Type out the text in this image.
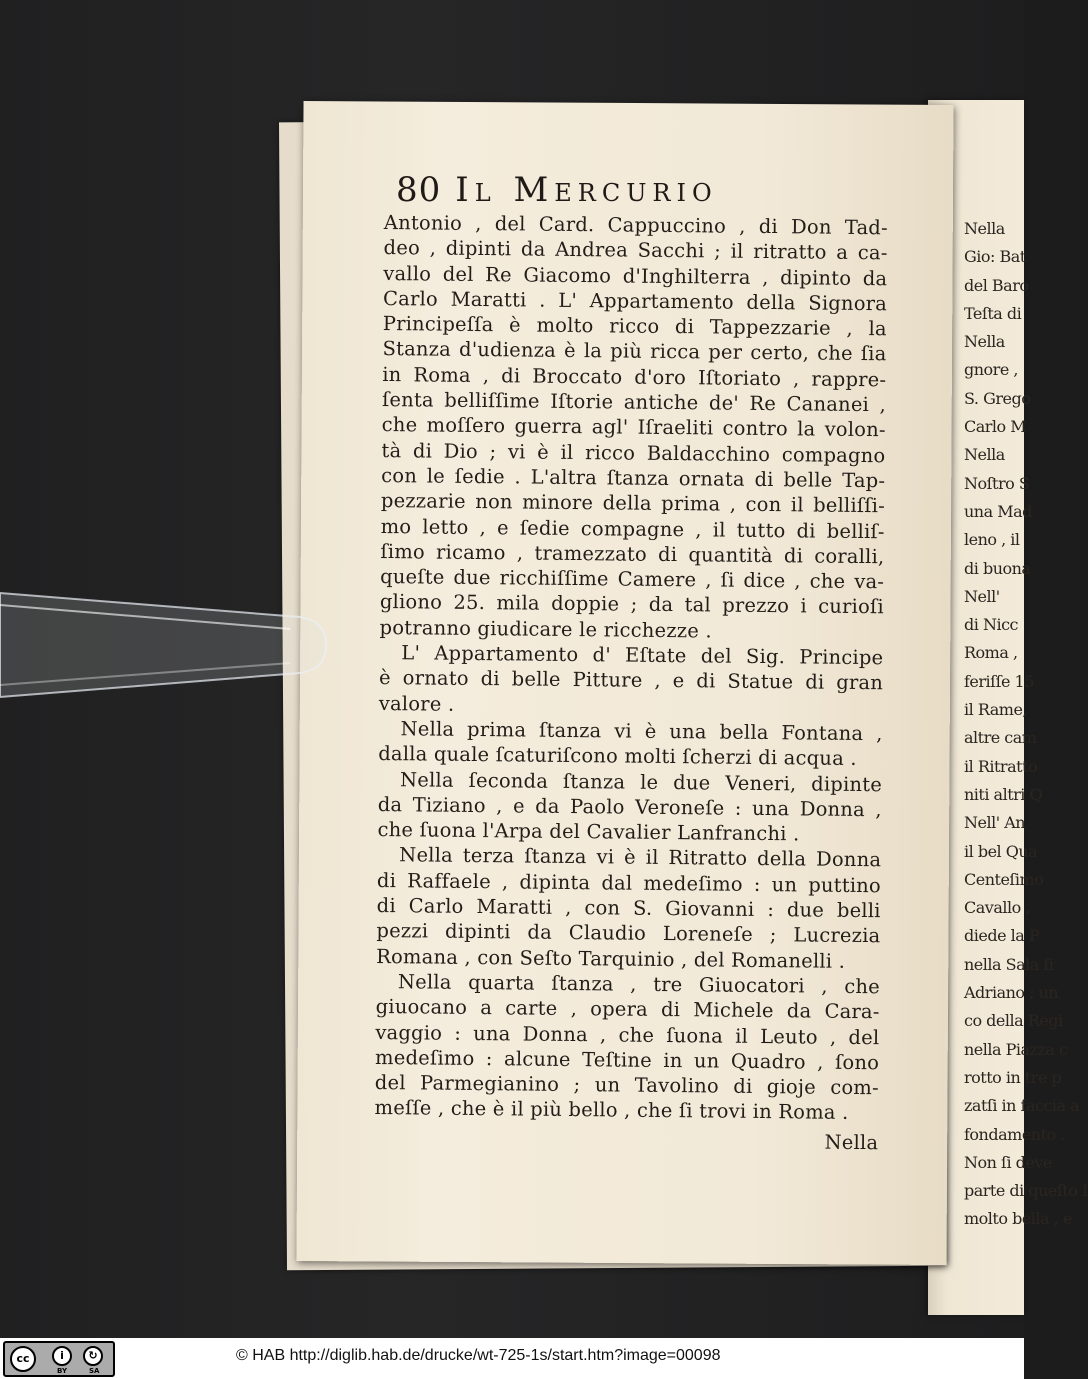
Nella
Gio: Bat
del Baro
Teſta di
Nella
gnore ,
S. Grego
Carlo M
Nella
Noſtro S
una Mad
leno , il
di buona
Nell'
di Nicc
Roma ,
feriſſe 15
il Rame,
altre cam
il Ritratto
niti altri Q
Nell' An
il bel Qua
Centeſimo
Cavallo ,
diede la P
nella Sala ſi
Adriano ; un
co della Regi
nella Piazza c
rotto in tre p
zatſi in faccia a
fondamento .
Non ſi deve
parte di queſto I
molto bella , e
80 Il Mercurio
Antonio , del Card. Cappuccino , di Don Tad-
deo , dipinti da Andrea Sacchi ; il ritratto a ca-
vallo del Re Giacomo d'Inghilterra , dipinto da
Carlo Maratti . L' Appartamento della Signora
Principeſſa è molto ricco di Tappezzarie , la
Stanza d'udienza è la più ricca per certo, che ſia
in Roma , di Broccato d'oro Iſtoriato , rappre-
ſenta belliſſime Iſtorie antiche de' Re Cananei ,
che moſſero guerra agl' Iſraeliti contro la volon-
tà di Dio ; vi è il ricco Baldacchino compagno
con le ſedie . L'altra ſtanza ornata di belle Tap-
pezzarie non minore della prima , con il belliſſi-
mo letto , e ſedie compagne , il tutto di belliſ-
ſimo ricamo , tramezzato di quantità di coralli,
queſte due ricchiſſime Camere , ſi dice , che va-
gliono 25. mila doppie ; da tal prezzo i curioſi
potranno giudicare le ricchezze .
L' Appartamento d' Eſtate del Sig. Principe
è ornato di belle Pitture , e di Statue di gran
valore .
Nella prima ſtanza vi è una bella Fontana ,
dalla quale ſcaturiſcono molti ſcherzi di acqua .
Nella ſeconda ſtanza le due Veneri, dipinte
da Tiziano , e da Paolo Veroneſe : una Donna ,
che ſuona l'Arpa del Cavalier Lanfranchi .
Nella terza ſtanza vi è il Ritratto della Donna
di Raffaele , dipinta dal medeſimo : un puttino
di Carlo Maratti , con S. Giovanni : due belli
pezzi dipinti da Claudio Loreneſe ; Lucrezia
Romana , con Seſto Tarquinio , del Romanelli .
Nella quarta ſtanza , tre Giuocatori , che
giuocano a carte , opera di Michele da Cara-
vaggio : una Donna , che ſuona il Leuto , del
medeſimo : alcune Teſtine in un Quadro , ſono
del Parmegianino ; un Tavolino di gioje com-
meſſe , che è il più bello , che ſi trovi in Roma .
Nella
cc	i	↻
BY	SA
© HAB http://diglib.hab.de/drucke/wt-725-1s/start.htm?image=00098
